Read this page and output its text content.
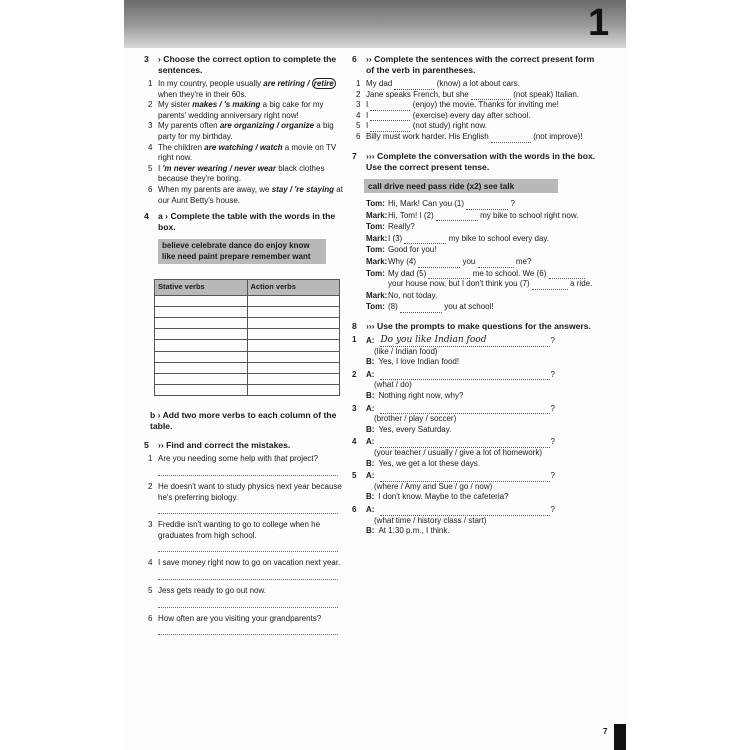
1
3 › Choose the correct option to complete the sentences.
1 In my country, people usually are retiring / retire when they're in their 60s.
2 My sister makes / 's making a big cake for my parents' wedding anniversary right now!
3 My parents often are organizing / organize a big party for my birthday.
4 The children are watching / watch a movie on TV right now.
5 I 'm never wearing / never wear black clothes because they're boring.
6 When my parents are away, we stay / 're staying at our Aunt Betty's house.
4 a › Complete the table with the words in the box.
believe celebrate dance do enjoy know like need paint prepare remember want
Stative verbs	Action verbs

b › Add two more verbs to each column of the table.
5 ›› Find and correct the mistakes.
1 Are you needing some help with that project?
2 He doesn't want to study physics next year because he's preferring biology.
3 Freddie isn't wanting to go to college when he graduates from high school.
4 I save money right now to go on vacation next year.
5 Jess gets ready to go out now.
6 How often are you visiting your grandparents?
6 ›› Complete the sentences with the correct present form of the verb in parentheses.
1 My dad	(know) a lot about cars.
2 Jane speaks French, but she	(not speak) Italian.
3 I	(enjoy) the movie. Thanks for inviting me!
4 I	(exercise) every day after school.
5 I	(not study) right now.
6 Billy must work harder. His English	(not improve)!
7 ››› Complete the conversation with the words in the box. Use the correct present tense.
call drive need pass ride (x2) see talk
Tom: Hi, Mark! Can you (1)	?
Mark: Hi, Tom! I (2)	my bike to school right now.
Tom: Really?
Mark: I (3)	my bike to school every day.
Tom: Good for you!
Mark: Why (4)	you	me?
Tom: My dad (5)	me to school. We (6)  your house now, but I don't think you (7)	a ride.
Mark: No, not today.
Tom: (8)	you at school!
8 ››› Use the prompts to make questions for the answers.
1 A: Do you like Indian food	?
(like / Indian food)
B: Yes, I love Indian food!
2 A:	?
(what / do)
B: Nothing right now, why?
3 A:	?
(brother / play / soccer)
B: Yes, every Saturday.
4 A:	?
(your teacher / usually / give a lot of homework)
B: Yes, we get a lot these days.
5 A:	?
(where / Amy and Sue / go / now)
B: I don't know. Maybe to the cafeteria?
6 A:	?
(what time / history class / start)
B: At 1:30 p.m., I think.
7
